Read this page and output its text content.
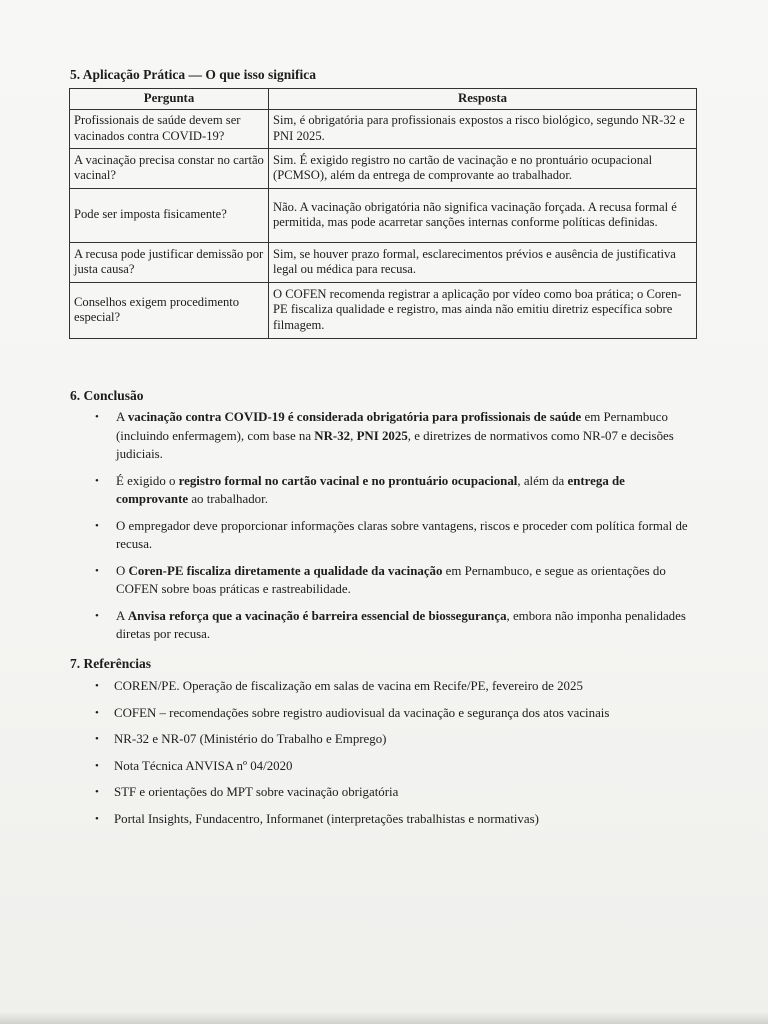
5. Aplicação Prática — O que isso significa
Pergunta	Resposta
Profissionais de saúde devem ser vacinados contra COVID-19?	Sim, é obrigatória para profissionais expostos a risco biológico, segundo NR-32 e PNI 2025.
A vacinação precisa constar no cartão vacinal?	Sim. É exigido registro no cartão de vacinação e no prontuário ocupacional (PCMSO), além da entrega de comprovante ao trabalhador.
Pode ser imposta fisicamente?	Não. A vacinação obrigatória não significa vacinação forçada. A recusa formal é permitida, mas pode acarretar sanções internas conforme políticas definidas.
A recusa pode justificar demissão por justa causa?	Sim, se houver prazo formal, esclarecimentos prévios e ausência de justificativa legal ou médica para recusa.
Conselhos exigem procedimento especial?	O COFEN recomenda registrar a aplicação por vídeo como boa prática; o Coren-PE fiscaliza qualidade e registro, mas ainda não emitiu diretriz específica sobre filmagem.
6. Conclusão
• A vacinação contra COVID-19 é considerada obrigatória para profissionais de saúde em Pernambuco (incluindo enfermagem), com base na NR-32, PNI 2025, e diretrizes de normativos como NR-07 e decisões judiciais.
• É exigido o registro formal no cartão vacinal e no prontuário ocupacional, além da entrega de comprovante ao trabalhador.
• O empregador deve proporcionar informações claras sobre vantagens, riscos e proceder com política formal de recusa.
• O Coren-PE fiscaliza diretamente a qualidade da vacinação em Pernambuco, e segue as orientações do COFEN sobre boas práticas e rastreabilidade.
• A Anvisa reforça que a vacinação é barreira essencial de biossegurança, embora não imponha penalidades diretas por recusa.
7. Referências
• COREN/PE. Operação de fiscalização em salas de vacina em Recife/PE, fevereiro de 2025
• COFEN – recomendações sobre registro audiovisual da vacinação e segurança dos atos vacinais
• NR-32 e NR-07 (Ministério do Trabalho e Emprego)
• Nota Técnica ANVISA nº 04/2020
• STF e orientações do MPT sobre vacinação obrigatória
• Portal Insights, Fundacentro, Informanet (interpretações trabalhistas e normativas)
